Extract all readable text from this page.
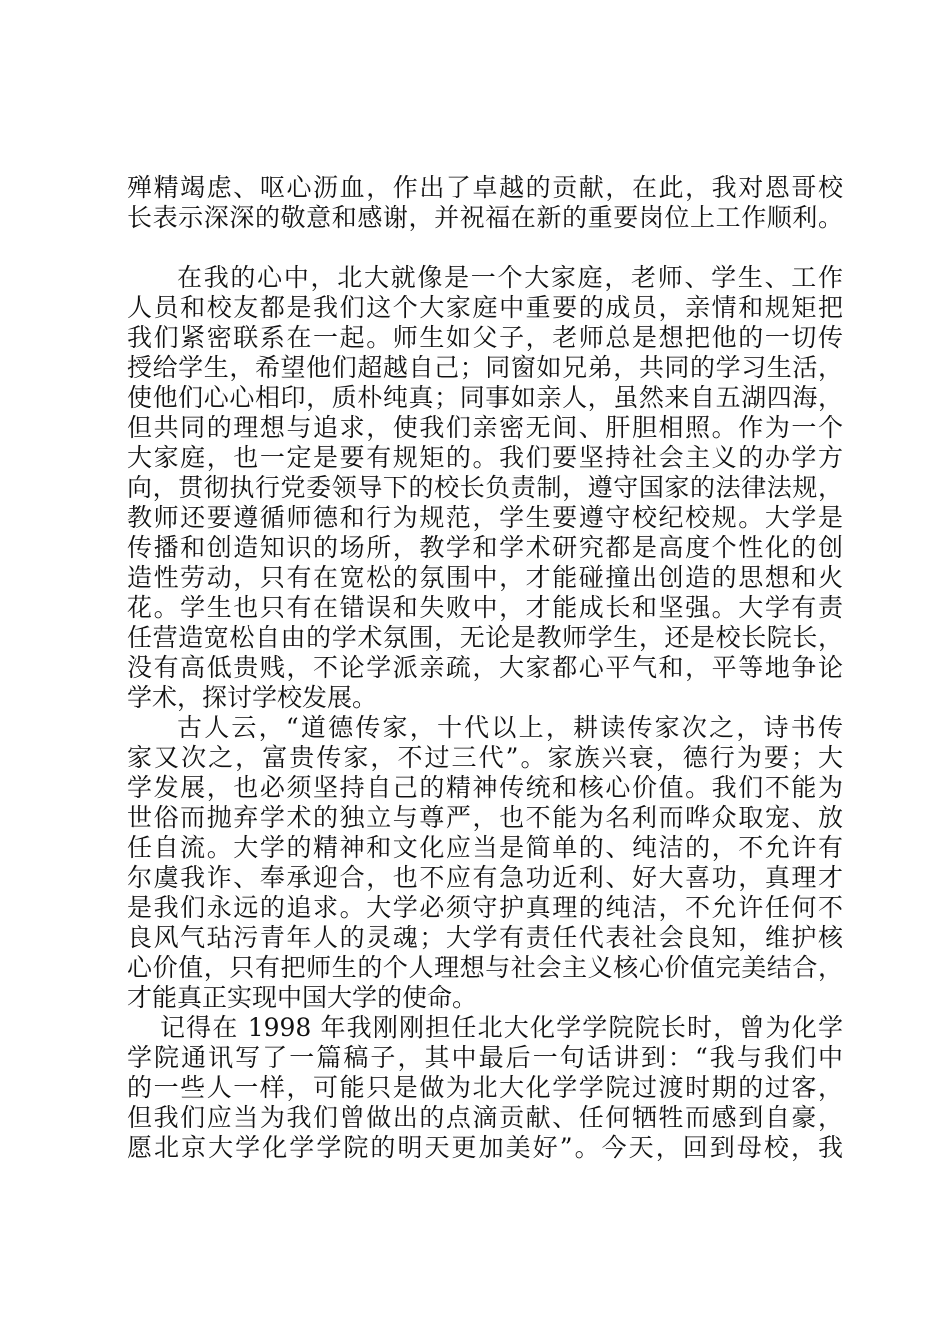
殚精竭虑、呕心沥血，作出了卓越的贡献，在此，我对恩哥校
长表示深深的敬意和感谢，并祝福在新的重要岗位上工作顺利。
在我的心中，北大就像是一个大家庭，老师、学生、工作
人员和校友都是我们这个大家庭中重要的成员，亲情和规矩把
我们紧密联系在一起。师生如父子，老师总是想把他的一切传
授给学生，希望他们超越自己；同窗如兄弟，共同的学习生活，
使他们心心相印，质朴纯真；同事如亲人，虽然来自五湖四海，
但共同的理想与追求，使我们亲密无间、肝胆相照。作为一个
大家庭，也一定是要有规矩的。我们要坚持社会主义的办学方
向，贯彻执行党委领导下的校长负责制，遵守国家的法律法规，
教师还要遵循师德和行为规范，学生要遵守校纪校规。大学是
传播和创造知识的场所，教学和学术研究都是高度个性化的创
造性劳动，只有在宽松的氛围中，才能碰撞出创造的思想和火
花。学生也只有在错误和失败中，才能成长和坚强。大学有责
任营造宽松自由的学术氛围，无论是教师学生，还是校长院长，
没有高低贵贱，不论学派亲疏，大家都心平气和，平等地争论
学术，探讨学校发展。
古人云，“道德传家，十代以上，耕读传家次之，诗书传
家又次之，富贵传家，不过三代”。家族兴衰，德行为要；大
学发展，也必须坚持自己的精神传统和核心价值。我们不能为
世俗而抛弃学术的独立与尊严，也不能为名利而哗众取宠、放
任自流。大学的精神和文化应当是简单的、纯洁的，不允许有
尔虞我诈、奉承迎合，也不应有急功近利、好大喜功，真理才
是我们永远的追求。大学必须守护真理的纯洁，不允许任何不
良风气玷污青年人的灵魂；大学有责任代表社会良知，维护核
心价值，只有把师生的个人理想与社会主义核心价值完美结合，
才能真正实现中国大学的使命。
记得在 1998 年我刚刚担任北大化学学院院长时，曾为化学
学院通讯写了一篇稿子，其中最后一句话讲到：“我与我们中
的一些人一样，可能只是做为北大化学学院过渡时期的过客，
但我们应当为我们曾做出的点滴贡献、任何牺牲而感到自豪，
愿北京大学化学学院的明天更加美好”。今天，回到母校，我
